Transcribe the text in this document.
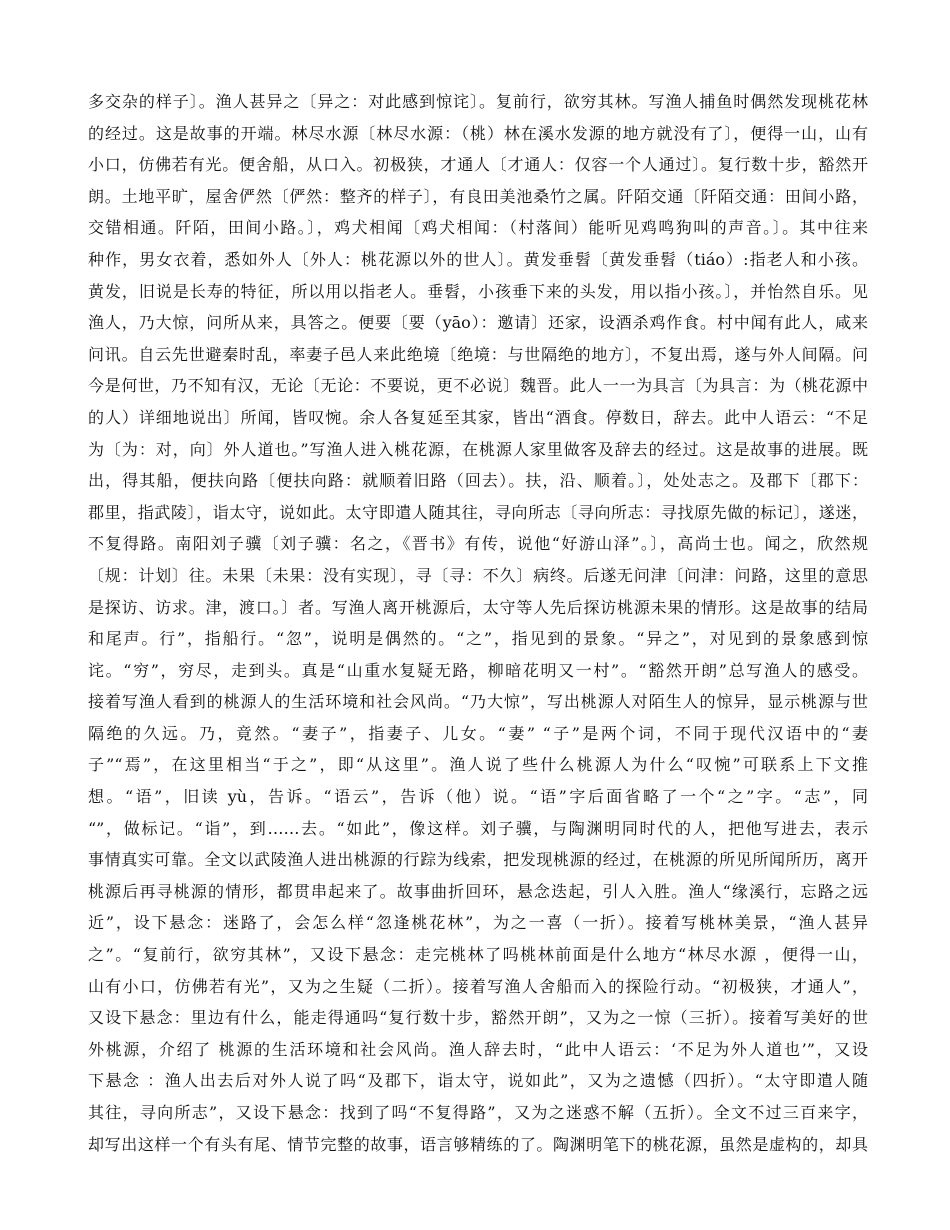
多交杂的样子〕。渔人甚异之〔异之：对此感到惊诧〕。复前行，欲穷其林。写渔人捕鱼时偶然发现桃花林
的经过。这是故事的开端。林尽水源〔林尽水源：（桃）林在溪水发源的地方就没有了〕，便得一山，山有
小口，仿佛若有光。便舍船，从口入。初极狭，才通人〔才通人：仅容一个人通过〕。复行数十步，豁然开
朗。土地平旷，屋舍俨然〔俨然：整齐的样子〕，有良田美池桑竹之属。阡陌交通〔阡陌交通：田间小路，
交错相通。阡陌，田间小路。〕，鸡犬相闻〔鸡犬相闻：（村落间）能听见鸡鸣狗叫的声音。〕。其中往来
种作，男女衣着，悉如外人〔外人：桃花源以外的世人〕。黄发垂髫〔黄发垂髫（tiáo）:指老人和小孩。
黄发，旧说是长寿的特征，所以用以指老人。垂髫，小孩垂下来的头发，用以指小孩。〕，并怡然自乐。见
渔人，乃大惊，问所从来，具答之。便要〔要（yāo）：邀请〕还家，设酒杀鸡作食。村中闻有此人，咸来
问讯。自云先世避秦时乱，率妻子邑人来此绝境〔绝境：与世隔绝的地方〕，不复出焉，遂与外人间隔。问
今是何世，乃不知有汉，无论〔无论：不要说，更不必说〕魏晋。此人一一为具言〔为具言：为（桃花源中
的人）详细地说出〕所闻，皆叹惋。余人各复延至其家，皆出“酒食。停数日，辞去。此中人语云：“不足
为〔为：对，向〕外人道也。”写渔人进入桃花源，在桃源人家里做客及辞去的经过。这是故事的进展。既
出，得其船，便扶向路〔便扶向路：就顺着旧路（回去）。扶，沿、顺着。〕，处处志之。及郡下〔郡下：
郡里，指武陵〕，诣太守，说如此。太守即遣人随其往，寻向所志〔寻向所志：寻找原先做的标记〕，遂迷，
不复得路。南阳刘子骥〔刘子骥：名之，《晋书》有传，说他“好游山泽”。〕，高尚士也。闻之，欣然规
〔规：计划〕往。未果〔未果：没有实现〕，寻〔寻：不久〕病终。后遂无问津〔问津：问路，这里的意思
是探访、访求。津，渡口。〕者。写渔人离开桃源后，太守等人先后探访桃源未果的情形。这是故事的结局
和尾声。行”，指船行。“忽”，说明是偶然的。“之”，指见到的景象。“异之”，对见到的景象感到惊
诧。“穷”，穷尽，走到头。真是“山重水复疑无路，柳暗花明又一村”。“豁然开朗”总写渔人的感受。
接着写渔人看到的桃源人的生活环境和社会风尚。“乃大惊”，写出桃源人对陌生人的惊异，显示桃源与世
隔绝的久远。乃，竟然。“妻子”，指妻子、儿女。“妻” “子”是两个词，不同于现代汉语中的“妻
子”“焉”，在这里相当“于之”，即“从这里”。渔人说了些什么桃源人为什么“叹惋”可联系上下文推
想。“语”，旧读 yù，告诉。“语云”，告诉（他）说。“语”字后面省略了一个“之”字。“志”，同
“”，做标记。“诣”，到……去。“如此”，像这样。刘子骥，与陶渊明同时代的人，把他写进去，表示
事情真实可靠。全文以武陵渔人进出桃源的行踪为线索，把发现桃源的经过，在桃源的所见所闻所历，离开
桃源后再寻桃源的情形，都贯串起来了。故事曲折回环，悬念迭起，引人入胜。渔人“缘溪行，忘路之远
近”，设下悬念：迷路了，会怎么样“忽逢桃花林”，为之一喜（一折）。接着写桃林美景，“渔人甚异
之”。“复前行，欲穷其林”，又设下悬念：走完桃林了吗桃林前面是什么地方“林尽水源 ，便得一山，
山有小口，仿佛若有光”，又为之生疑（二折）。接着写渔人舍船而入的探险行动。“初极狭，才通人”，
又设下悬念：里边有什么，能走得通吗“复行数十步，豁然开朗”，又为之一惊（三折）。接着写美好的世
外桃源，介绍了 桃源的生活环境和社会风尚。渔人辞去时，“此中人语云：‘不足为外人道也’”，又设
下悬念 ：渔人出去后对外人说了吗“及郡下，诣太守，说如此”，又为之遗憾（四折）。“太守即遣人随
其往，寻向所志”，又设下悬念：找到了吗“不复得路”，又为之迷惑不解（五折）。全文不过三百来字，
却写出这样一个有头有尾、情节完整的故事，语言够精练的了。陶渊明笔下的桃花源，虽然是虚构的，却具
